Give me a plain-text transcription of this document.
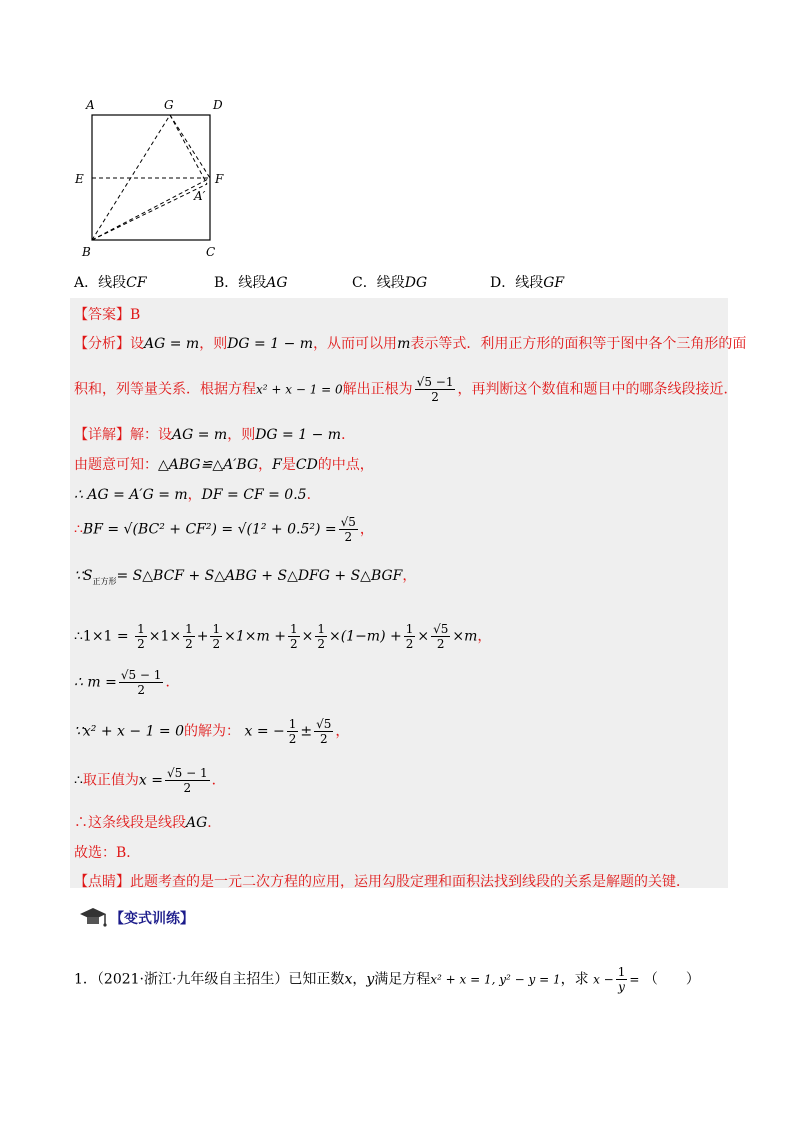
A	G	D
E	F
A′
B	C
A．线段CF	B．线段AG	C．线段DG	D．线段GF
【答案】B
【分析】设AG = m，则DG = 1 − m，从而可以用m表示等式．利用正方形的面积等于图中各个三角形的面
积和，列等量关系．根据方程x² + x − 1 = 0解出正根为 $\frac{√5 -1}{2}$ ，再判断这个数值和题目中的哪条线段接近．
【详解】解：设AG = m，则DG = 1 − m．
由题意可知：△ABG≌△A′BG，F是CD的中点，
∴ AG = A′G = m，DF = CF = 0.5．
∴BF = $√(BC^2 + CF^2) = √(1^2 + 0.5^2) = \frac{√5}{2}$ ，
$\because S_{正方形}=$ S△BCF + S△ABG + S△DFG + S△BGF，
∴1×1 = $\frac{1}{2} \times 1\times \frac{1}{2} + \frac{1}{2} \times 1\times m + \frac{1}{2} \times \frac{1}{2} \times(1-m) + \frac{1}{2} \times \frac{√5}{2} \times m$，
∴ $m = \frac{√5 - 1}{2}$ ．
∵x² + x − 1 = 0的解为： x = − $\frac{1}{2} \pm \frac{√5}{2}$ ，
∴取正值为$x = \frac{√5 - 1}{2}$ ．
∴这条线段是线段AG．
故选：B．
【点睛】此题考查的是一元二次方程的应用，运用勾股定理和面积法找到线段的关系是解题的关键．
【变式训练】
1．（2021·浙江·九年级自主招生）已知正数x，y满足方程x² + x = 1, y² − y = 1，求 $x - \frac{1}{y}$ = （　　）
